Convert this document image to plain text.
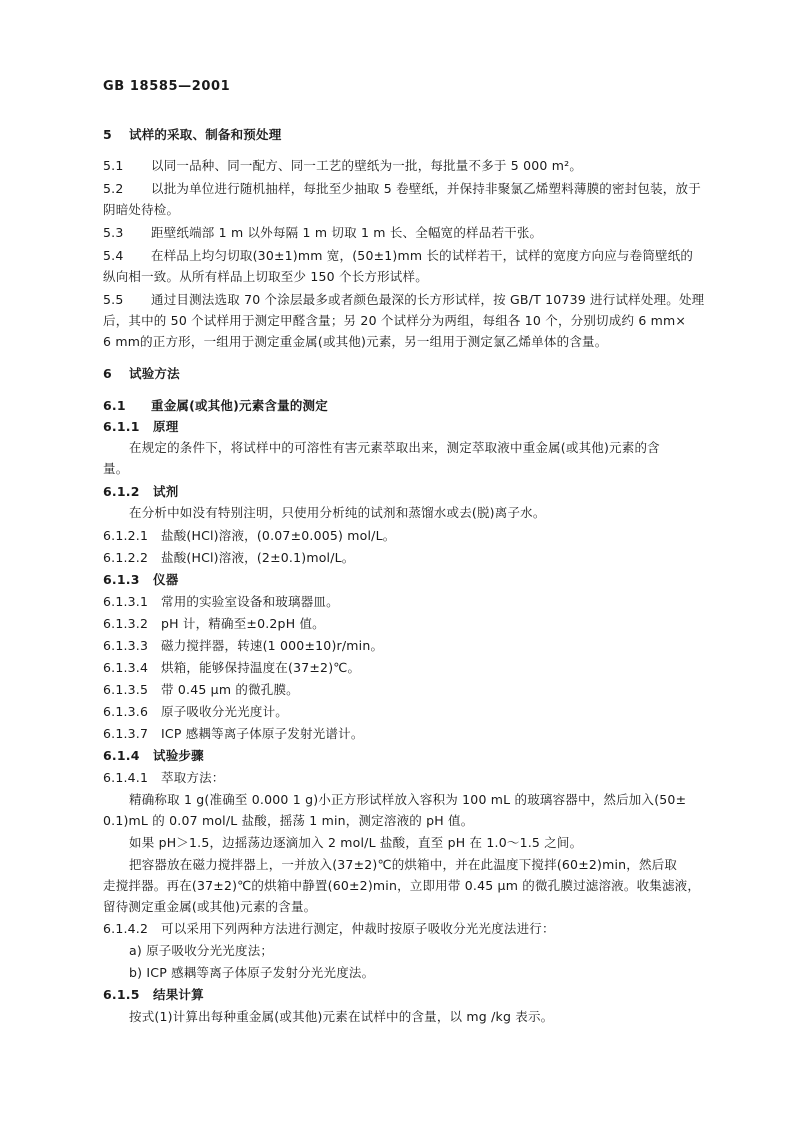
GB 18585—2001
5 试样的采取、制备和预处理
5.1 以同一品种、同一配方、同一工艺的壁纸为一批，每批量不多于 5 000 m²。
5.2 以批为单位进行随机抽样，每批至少抽取 5 卷壁纸，并保持非聚氯乙烯塑料薄膜的密封包装，放于
阴暗处待检。
5.3 距壁纸端部 1 m 以外每隔 1 m 切取 1 m 长、全幅宽的样品若干张。
5.4 在样品上均匀切取(30±1)mm 宽，(50±1)mm 长的试样若干，试样的宽度方向应与卷筒壁纸的
纵向相一致。从所有样品上切取至少 150 个长方形试样。
5.5 通过目测法选取 70 个涂层最多或者颜色最深的长方形试样，按 GB/T 10739 进行试样处理。处理
后，其中的 50 个试样用于测定甲醛含量；另 20 个试样分为两组，每组各 10 个，分别切成约 6 mm×
6 mm的正方形，一组用于测定重金属(或其他)元素，另一组用于测定氯乙烯单体的含量。
6 试验方法
6.1 重金属(或其他)元素含量的测定
6.1.1 原理
在规定的条件下，将试样中的可溶性有害元素萃取出来，测定萃取液中重金属(或其他)元素的含
量。
6.1.2 试剂
在分析中如没有特别注明，只使用分析纯的试剂和蒸馏水或去(脱)离子水。
6.1.2.1 盐酸(HCl)溶液，(0.07±0.005) mol/L。
6.1.2.2 盐酸(HCl)溶液，(2±0.1)mol/L。
6.1.3 仪器
6.1.3.1 常用的实验室设备和玻璃器皿。
6.1.3.2 pH 计，精确至±0.2pH 值。
6.1.3.3 磁力搅拌器，转速(1 000±10)r/min。
6.1.3.4 烘箱，能够保持温度在(37±2)℃。
6.1.3.5 带 0.45 μm 的微孔膜。
6.1.3.6 原子吸收分光光度计。
6.1.3.7 ICP 感耦等离子体原子发射光谱计。
6.1.4 试验步骤
6.1.4.1 萃取方法：
精确称取 1 g(准确至 0.000 1 g)小正方形试样放入容积为 100 mL 的玻璃容器中，然后加入(50±
0.1)mL 的 0.07 mol/L 盐酸，摇荡 1 min，测定溶液的 pH 值。
如果 pH＞1.5，边摇荡边逐滴加入 2 mol/L 盐酸，直至 pH 在 1.0～1.5 之间。
把容器放在磁力搅拌器上，一并放入(37±2)℃的烘箱中，并在此温度下搅拌(60±2)min，然后取
走搅拌器。再在(37±2)℃的烘箱中静置(60±2)min，立即用带 0.45 μm 的微孔膜过滤溶液。收集滤液，
留待测定重金属(或其他)元素的含量。
6.1.4.2 可以采用下列两种方法进行测定，仲裁时按原子吸收分光光度法进行：
a) 原子吸收分光光度法；
b) ICP 感耦等离子体原子发射分光光度法。
6.1.5 结果计算
按式(1)计算出每种重金属(或其他)元素在试样中的含量，以 mg /kg 表示。
